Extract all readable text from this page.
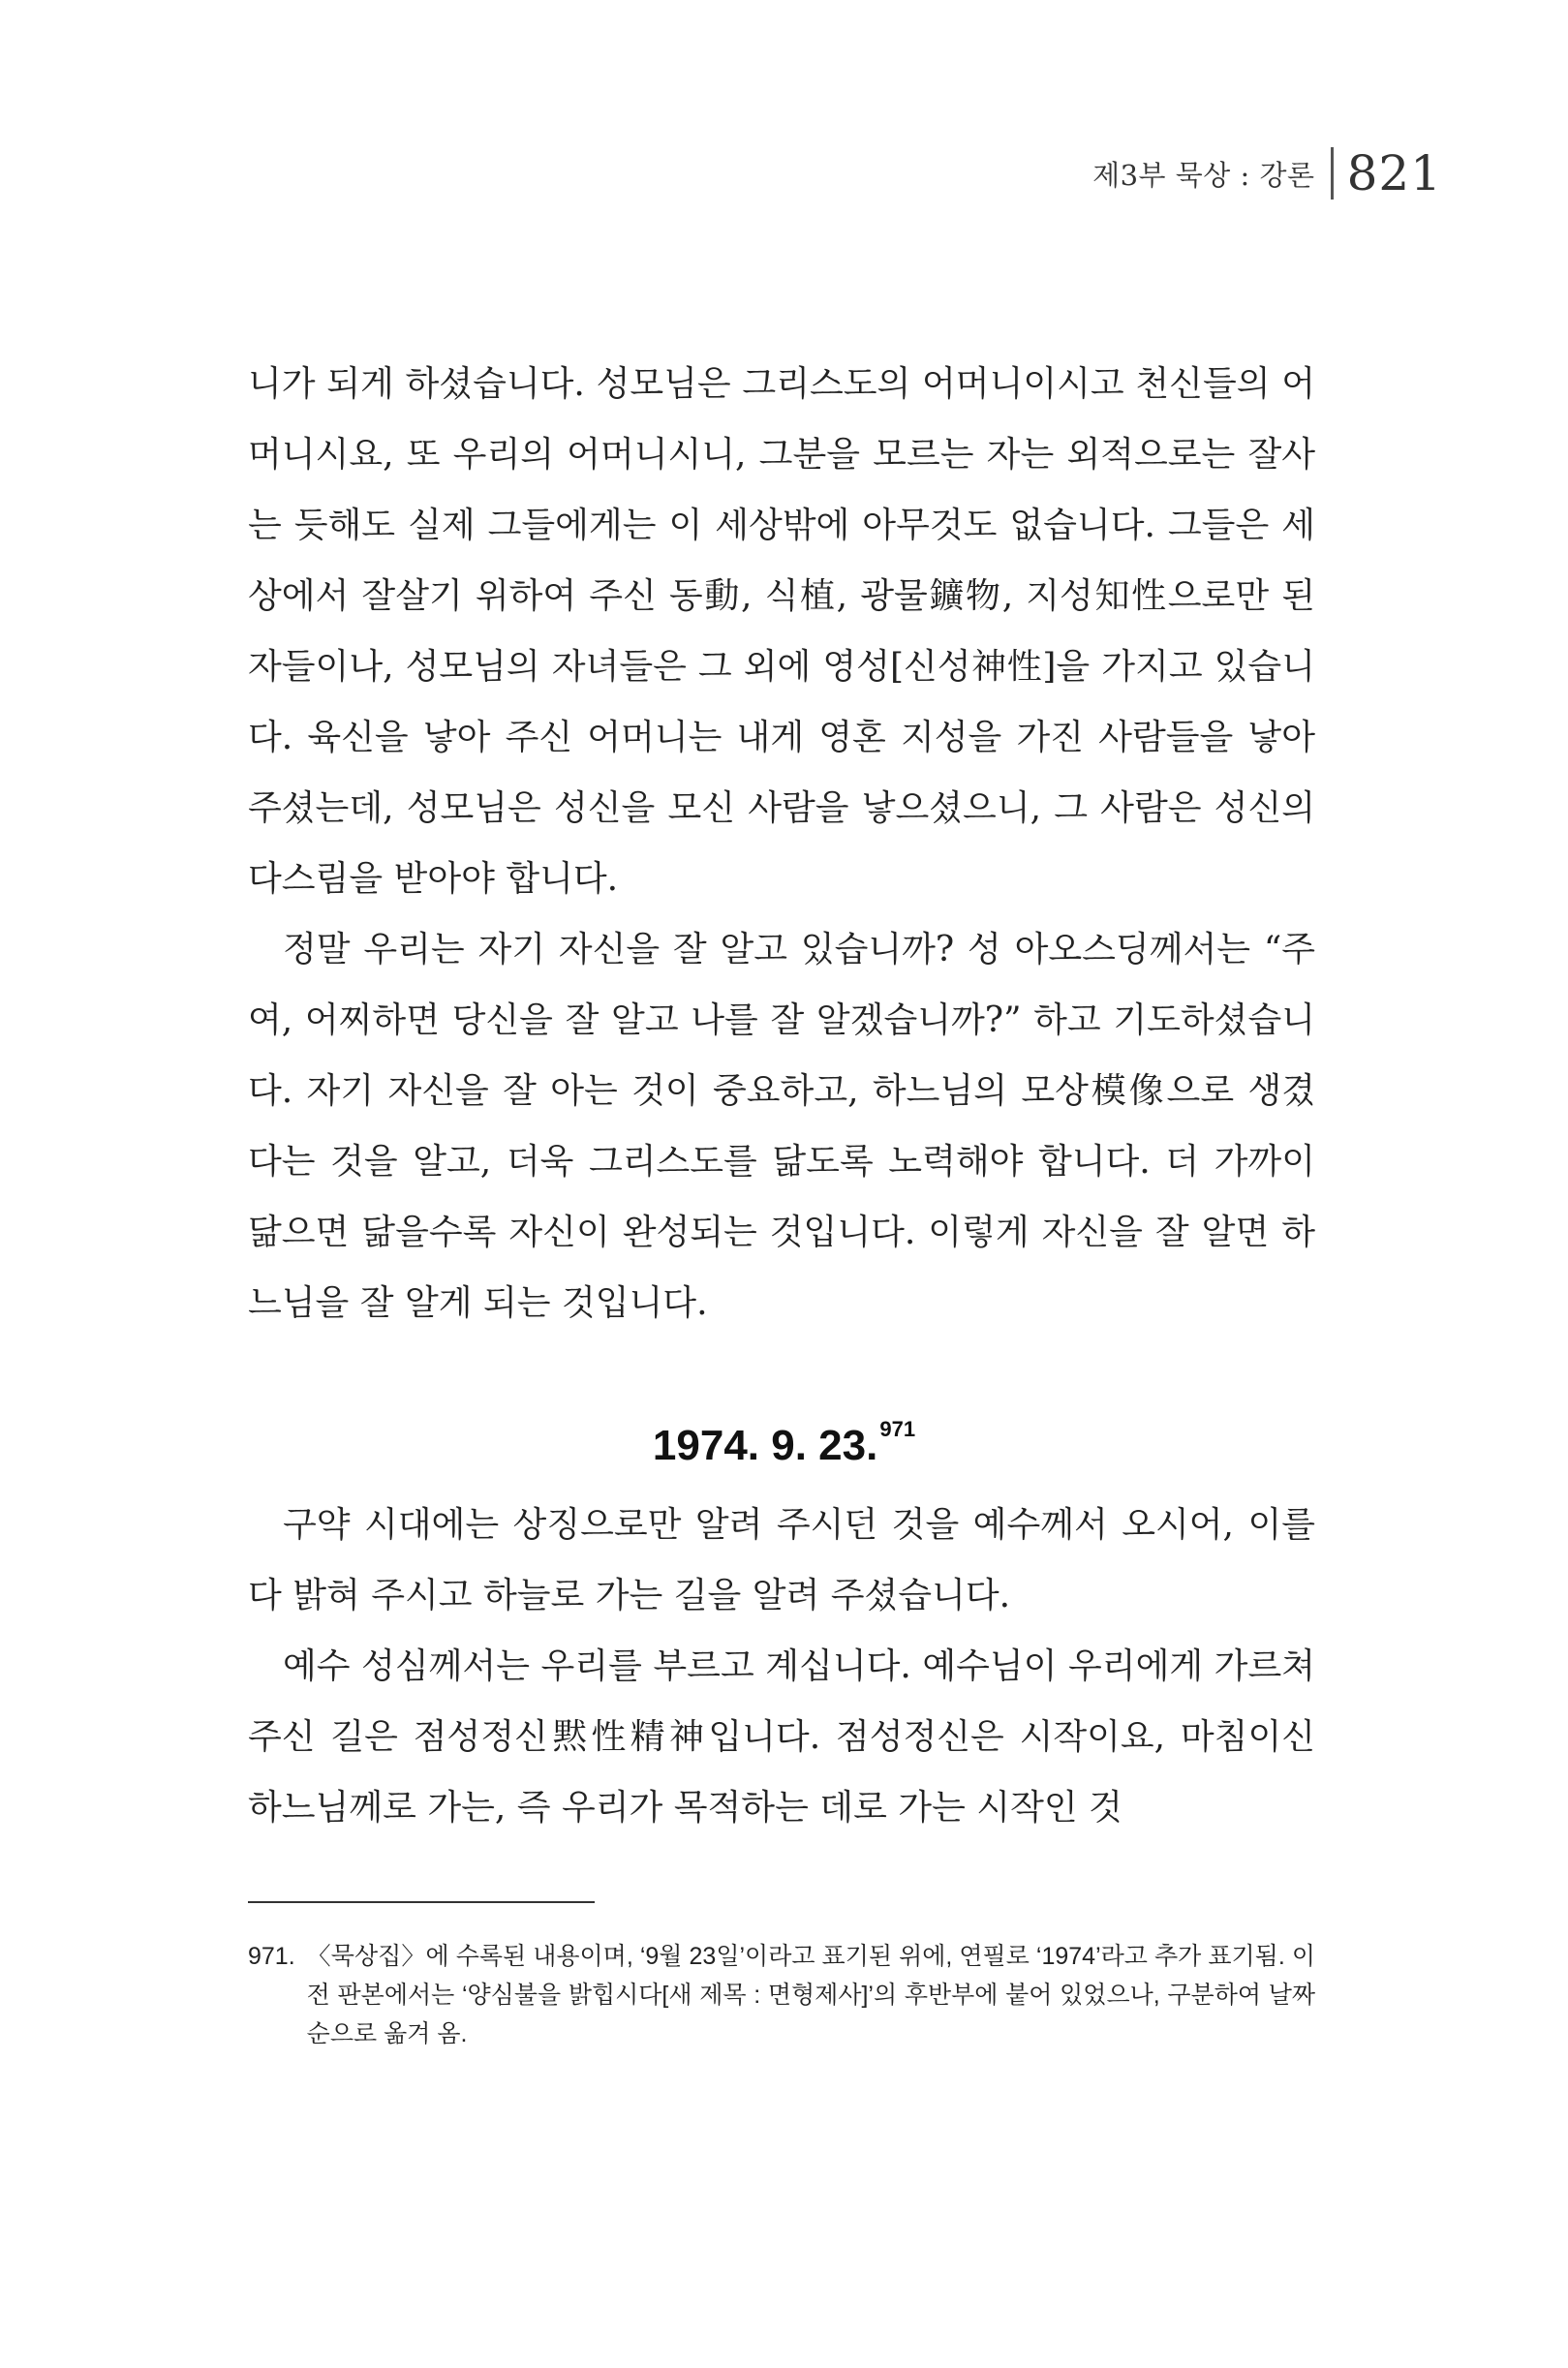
제3부 묵상 : 강론 821

니가 되게 하셨습니다. 성모님은 그리스도의 어머니이시고 천신들의 어머니시요, 또 우리의 어머니시니, 그분을 모르는 자는 외적으로는 잘사는 듯해도 실제 그들에게는 이 세상밖에 아무것도 없습니다. 그들은 세상에서 잘살기 위하여 주신 동動, 식植, 광물鑛物, 지성知性으로만 된 자들이나, 성모님의 자녀들은 그 외에 영성[신성神性]을 가지고 있습니다. 육신을 낳아 주신 어머니는 내게 영혼 지성을 가진 사람들을 낳아 주셨는데, 성모님은 성신을 모신 사람을 낳으셨으니, 그 사람은 성신의 다스림을 받아야 합니다.

정말 우리는 자기 자신을 잘 알고 있습니까? 성 아오스딩께서는 “주여, 어찌하면 당신을 잘 알고 나를 잘 알겠습니까?” 하고 기도하셨습니다. 자기 자신을 잘 아는 것이 중요하고, 하느님의 모상模像으로 생겼다는 것을 알고, 더욱 그리스도를 닮도록 노력해야 합니다. 더 가까이 닮으면 닮을수록 자신이 완성되는 것입니다. 이렇게 자신을 잘 알면 하느님을 잘 알게 되는 것입니다.

1974. 9. 23.$^{971}$

구약 시대에는 상징으로만 알려 주시던 것을 예수께서 오시어, 이를 다 밝혀 주시고 하늘로 가는 길을 알려 주셨습니다.

예수 성심께서는 우리를 부르고 계십니다. 예수님이 우리에게 가르쳐주신 길은 점성정신黙性精神입니다. 점성정신은 시작이요, 마침이신 하느님께로 가는, 즉 우리가 목적하는 데로 가는 시작인 것

971. 〈묵상집〉에 수록된 내용이며, ‘9월 23일’이라고 표기된 위에, 연필로 ‘1974’라고 추가 표기됨. 이전 판본에서는 ‘양심불을 밝힙시다[새 제목 : 면형제사]’의 후반부에 붙어 있었으나, 구분하여 날짜순으로 옮겨 옴.
